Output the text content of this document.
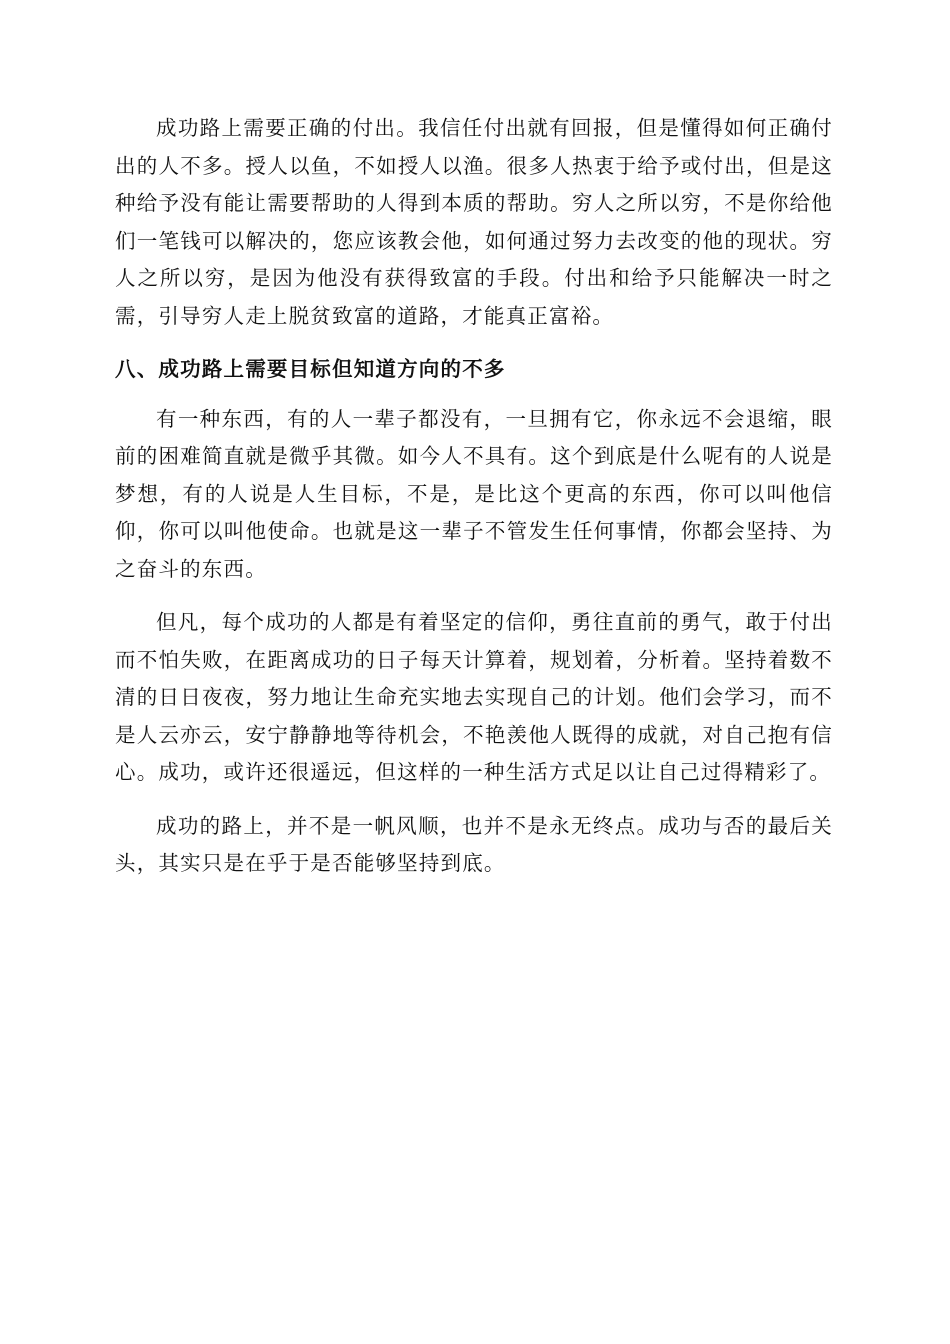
成功路上需要正确的付出。我信任付出就有回报，但是懂得如何正确付出的人不多。授人以鱼，不如授人以渔。很多人热衷于给予或付出，但是这种给予没有能让需要帮助的人得到本质的帮助。穷人之所以穷，不是你给他们一笔钱可以解决的，您应该教会他，如何通过努力去改变的他的现状。穷人之所以穷，是因为他没有获得致富的手段。付出和给予只能解决一时之需，引导穷人走上脱贫致富的道路，才能真正富裕。

八、成功路上需要目标但知道方向的不多

有一种东西，有的人一辈子都没有，一旦拥有它，你永远不会退缩，眼前的困难简直就是微乎其微。如今人不具有。这个到底是什么呢有的人说是梦想，有的人说是人生目标，不是，是比这个更高的东西，你可以叫他信仰，你可以叫他使命。也就是这一辈子不管发生任何事情，你都会坚持、为之奋斗的东西。

但凡，每个成功的人都是有着坚定的信仰，勇往直前的勇气，敢于付出而不怕失败，在距离成功的日子每天计算着，规划着，分析着。坚持着数不清的日日夜夜，努力地让生命充实地去实现自己的计划。他们会学习，而不是人云亦云，安宁静静地等待机会，不艳羡他人既得的成就，对自己抱有信心。成功，或许还很遥远，但这样的一种生活方式足以让自己过得精彩了。

成功的路上，并不是一帆风顺，也并不是永无终点。成功与否的最后关头，其实只是在乎于是否能够坚持到底。
